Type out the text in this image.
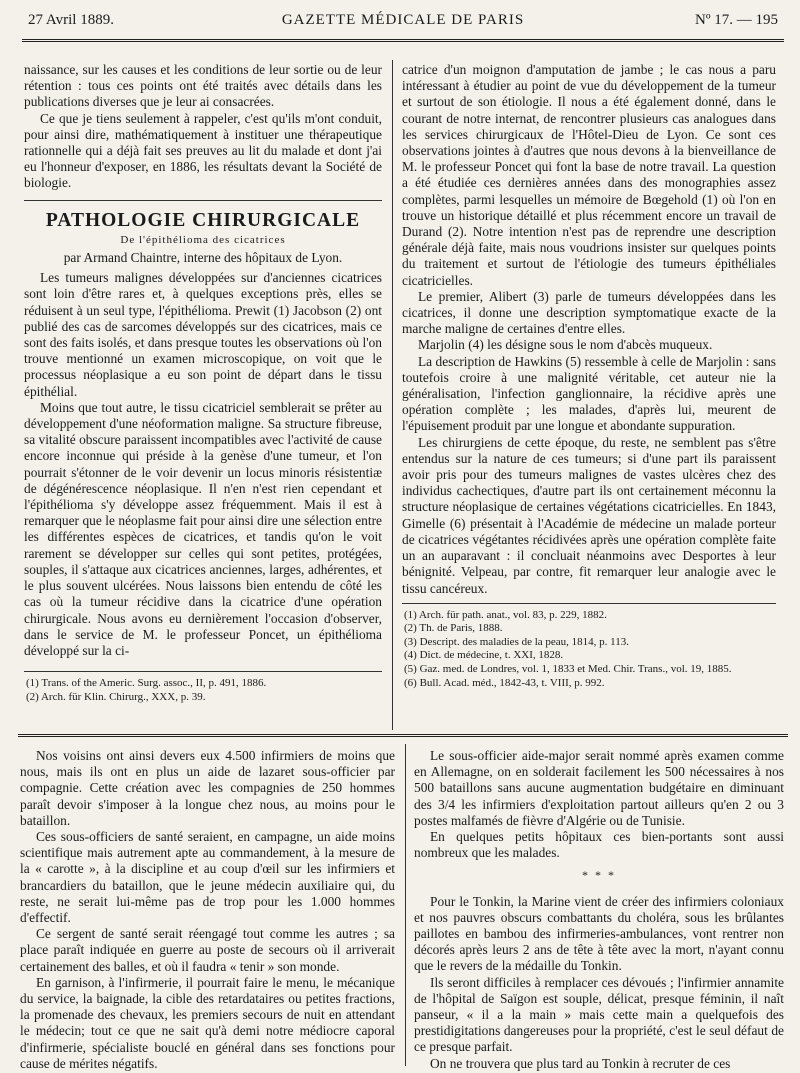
27 Avril 1889.	GAZETTE MÉDICALE DE PARIS	Nº 17. — 195

naissance, sur les causes et les conditions de leur sortie ou de leur rétention : tous ces points ont été traités avec détails dans les publications diverses que je leur ai consacrées.

Ce que je tiens seulement à rappeler, c'est qu'ils m'ont conduit, pour ainsi dire, mathématiquement à instituer une thérapeutique rationnelle qui a déjà fait ses preuves au lit du malade et dont j'ai eu l'honneur d'exposer, en 1886, les résultats devant la Société de biologie.

PATHOLOGIE CHIRURGICALE
De l'épithélioma des cicatrices
par Armand Chaintre, interne des hôpitaux de Lyon.

Les tumeurs malignes développées sur d'anciennes cicatrices sont loin d'être rares et, à quelques exceptions près, elles se réduisent à un seul type, l'épithélioma. Prewit (1) Jacobson (2) ont publié des cas de sarcomes développés sur des cicatrices, mais ce sont des faits isolés, et dans presque toutes les observations où l'on trouve mentionné un examen microscopique, on voit que le processus néoplasique a eu son point de départ dans le tissu épithélial.

Moins que tout autre, le tissu cicatriciel semblerait se prêter au développement d'une néoformation maligne. Sa structure fibreuse, sa vitalité obscure paraissent incompatibles avec l'activité de cause encore inconnue qui préside à la genèse d'une tumeur, et l'on pourrait s'étonner de le voir devenir un locus minoris résistentiæ de dégénérescence néoplasique. Il n'en n'est rien cependant et l'épithélioma s'y développe assez fréquemment. Mais il est à remarquer que le néoplasme fait pour ainsi dire une sélection entre les différentes espèces de cicatrices, et tandis qu'on le voit rarement se développer sur celles qui sont petites, protégées, souples, il s'attaque aux cicatrices anciennes, larges, adhérentes, et le plus souvent ulcérées. Nous laissons bien entendu de côté les cas où la tumeur récidive dans la cicatrice d'une opération chirurgicale. Nous avons eu dernièrement l'occasion d'observer, dans le service de M. le professeur Poncet, un épithélioma développé sur la ci-

(1) Trans. of the Americ. Surg. assoc., II, p. 491, 1886.
(2) Arch. für Klin. Chirurg., XXX, p. 39.

catrice d'un moignon d'amputation de jambe ; le cas nous a paru intéressant à étudier au point de vue du développement de la tumeur et surtout de son étiologie. Il nous a été également donné, dans le courant de notre internat, de rencontrer plusieurs cas analogues dans les services chirurgicaux de l'Hôtel-Dieu de Lyon. Ce sont ces observations jointes à d'autres que nous devons à la bienveillance de M. le professeur Poncet qui font la base de notre travail. La question a été étudiée ces dernières années dans des monographies assez complètes, parmi lesquelles un mémoire de Bœgehold (1) où l'on en trouve un historique détaillé et plus récemment encore un travail de Durand (2). Notre intention n'est pas de reprendre une description générale déjà faite, mais nous voudrions insister sur quelques points du traitement et surtout de l'étiologie des tumeurs épithéliales cicatricielles.

Le premier, Alibert (3) parle de tumeurs développées dans les cicatrices, il donne une description symptomatique exacte de la marche maligne de certaines d'entre elles.

Marjolin (4) les désigne sous le nom d'abcès muqueux.

La description de Hawkins (5) ressemble à celle de Marjolin : sans toutefois croire à une malignité véritable, cet auteur nie la généralisation, l'infection ganglionnaire, la récidive après une opération complète ; les malades, d'après lui, meurent de l'épuisement produit par une longue et abondante suppuration.

Les chirurgiens de cette époque, du reste, ne semblent pas s'être entendus sur la nature de ces tumeurs; si d'une part ils paraissent avoir pris pour des tumeurs malignes de vastes ulcères chez des individus cachectiques, d'autre part ils ont certainement méconnu la structure néoplasique de certaines végétations cicatricielles. En 1843, Gimelle (6) présentait à l'Académie de médecine un malade porteur de cicatrices végétantes récidivées après une opération complète faite un an auparavant : il concluait néanmoins avec Desportes à leur bénignité. Velpeau, par contre, fit remarquer leur analogie avec le tissu cancéreux.

(1) Arch. für path. anat., vol. 83, p. 229, 1882.
(2) Th. de Paris, 1888.
(3) Descript. des maladies de la peau, 1814, p. 113.
(4) Dict. de médecine, t. XXI, 1828.
(5) Gaz. med. de Londres, vol. 1, 1833 et Med. Chir. Trans., vol. 19, 1885.
(6) Bull. Acad. méd., 1842-43, t. VIII, p. 992.

Nos voisins ont ainsi devers eux 4.500 infirmiers de moins que nous, mais ils ont en plus un aide de lazaret sous-officier par compagnie. Cette création avec les compagnies de 250 hommes paraît devoir s'imposer à la longue chez nous, au moins pour le bataillon.

Ces sous-officiers de santé seraient, en campagne, un aide moins scientifique mais autrement apte au commandement, à la mesure de la « carotte », à la discipline et au coup d'œil sur les infirmiers et brancardiers du bataillon, que le jeune médecin auxiliaire qui, du reste, ne serait lui-même pas de trop pour les 1.000 hommes d'effectif.

Ce sergent de santé serait réengagé tout comme les autres ; sa place paraît indiquée en guerre au poste de secours où il arriverait certainement des balles, et où il faudra « tenir » son monde.

En garnison, à l'infirmerie, il pourrait faire le menu, le mécanique du service, la baignade, la cible des retardataires ou petites fractions, la promenade des chevaux, les premiers secours de nuit en attendant le médecin; tout ce que ne sait qu'à demi notre médiocre caporal d'infirmerie, spécialiste bouclé en général dans ses fonctions pour cause de mérites négatifs.

Le sous-officier aide-major serait nommé après examen comme en Allemagne, on en solderait facilement les 500 nécessaires à nos 500 bataillons sans aucune augmentation budgétaire en diminuant des 3/4 les infirmiers d'exploitation partout ailleurs qu'en 2 ou 3 postes malfamés de fièvre d'Algérie ou de Tunisie.

En quelques petits hôpitaux ces bien-portants sont aussi nombreux que les malades.

* * *

Pour le Tonkin, la Marine vient de créer des infirmiers coloniaux et nos pauvres obscurs combattants du choléra, sous les brûlantes paillotes en bambou des infirmeries-ambulances, vont rentrer non décorés après leurs 2 ans de tête à tête avec la mort, n'ayant connu que le revers de la médaille du Tonkin.

Ils seront difficiles à remplacer ces dévoués ; l'infirmier annamite de l'hôpital de Saïgon est souple, délicat, presque féminin, il naît panseur, « il a la main » mais cette main a quelquefois des prestidigitations dangereuses pour la propriété, c'est le seul défaut de ce presque parfait.

On ne trouvera que plus tard au Tonkin à recruter de ces
